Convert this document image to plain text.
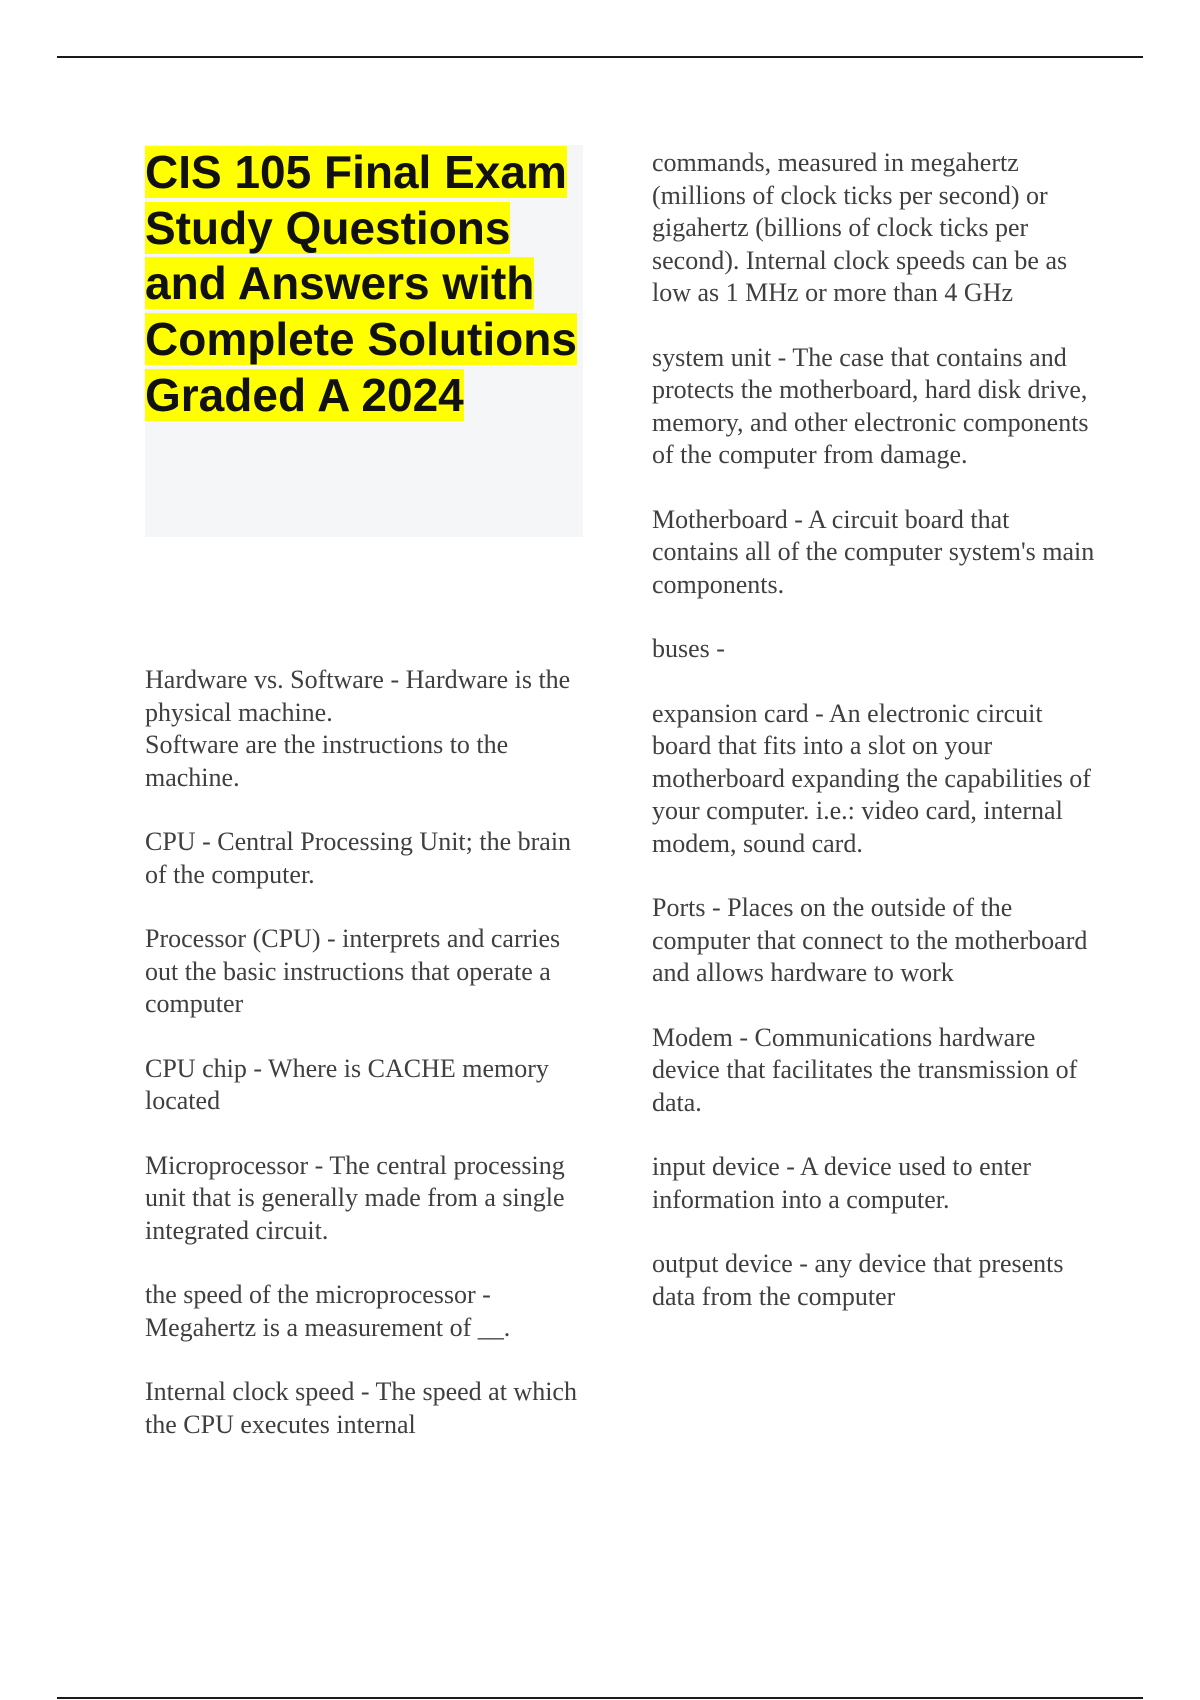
CIS 105 Final Exam Study Questions and Answers with Complete Solutions Graded A 2024

Hardware vs. Software - Hardware is the physical machine.
Software are the instructions to the machine.

CPU - Central Processing Unit; the brain of the computer.

Processor (CPU) - interprets and carries out the basic instructions that operate a computer

CPU chip - Where is CACHE memory located

Microprocessor - The central processing unit that is generally made from a single integrated circuit.

the speed of the microprocessor - Megahertz is a measurement of __.

Internal clock speed - The speed at which the CPU executes internal

commands, measured in megahertz (millions of clock ticks per second) or gigahertz (billions of clock ticks per second). Internal clock speeds can be as low as 1 MHz or more than 4 GHz

system unit - The case that contains and protects the motherboard, hard disk drive, memory, and other electronic components of the computer from damage.

Motherboard - A circuit board that contains all of the computer system's main components.

buses -

expansion card - An electronic circuit board that fits into a slot on your motherboard expanding the capabilities of your computer. i.e.: video card, internal modem, sound card.

Ports - Places on the outside of the computer that connect to the motherboard and allows hardware to work

Modem - Communications hardware device that facilitates the transmission of data.

input device - A device used to enter information into a computer.

output device - any device that presents data from the computer
